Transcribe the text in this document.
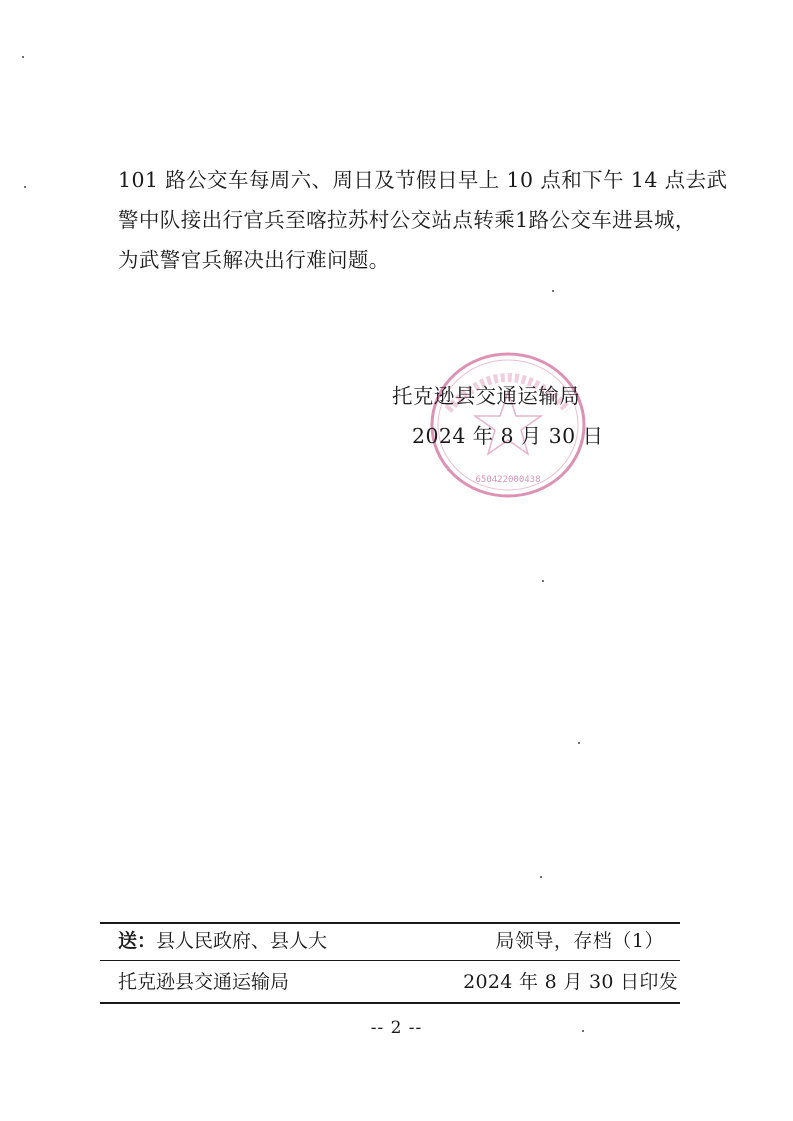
101 路公交车每周六、周日及节假日早上 10 点和下午 14 点去武
警中队接出行官兵至喀拉苏村公交站点转乘1路公交车进县城，
为武警官兵解决出行难问题。
650422000438
托克逊县交通运输局
2024 年 8 月 30 日
送：县人民政府、县人大	局领导，存档（1）
托克逊县交通运输局	2024 年 8 月 30 日印发
-- 2 --
